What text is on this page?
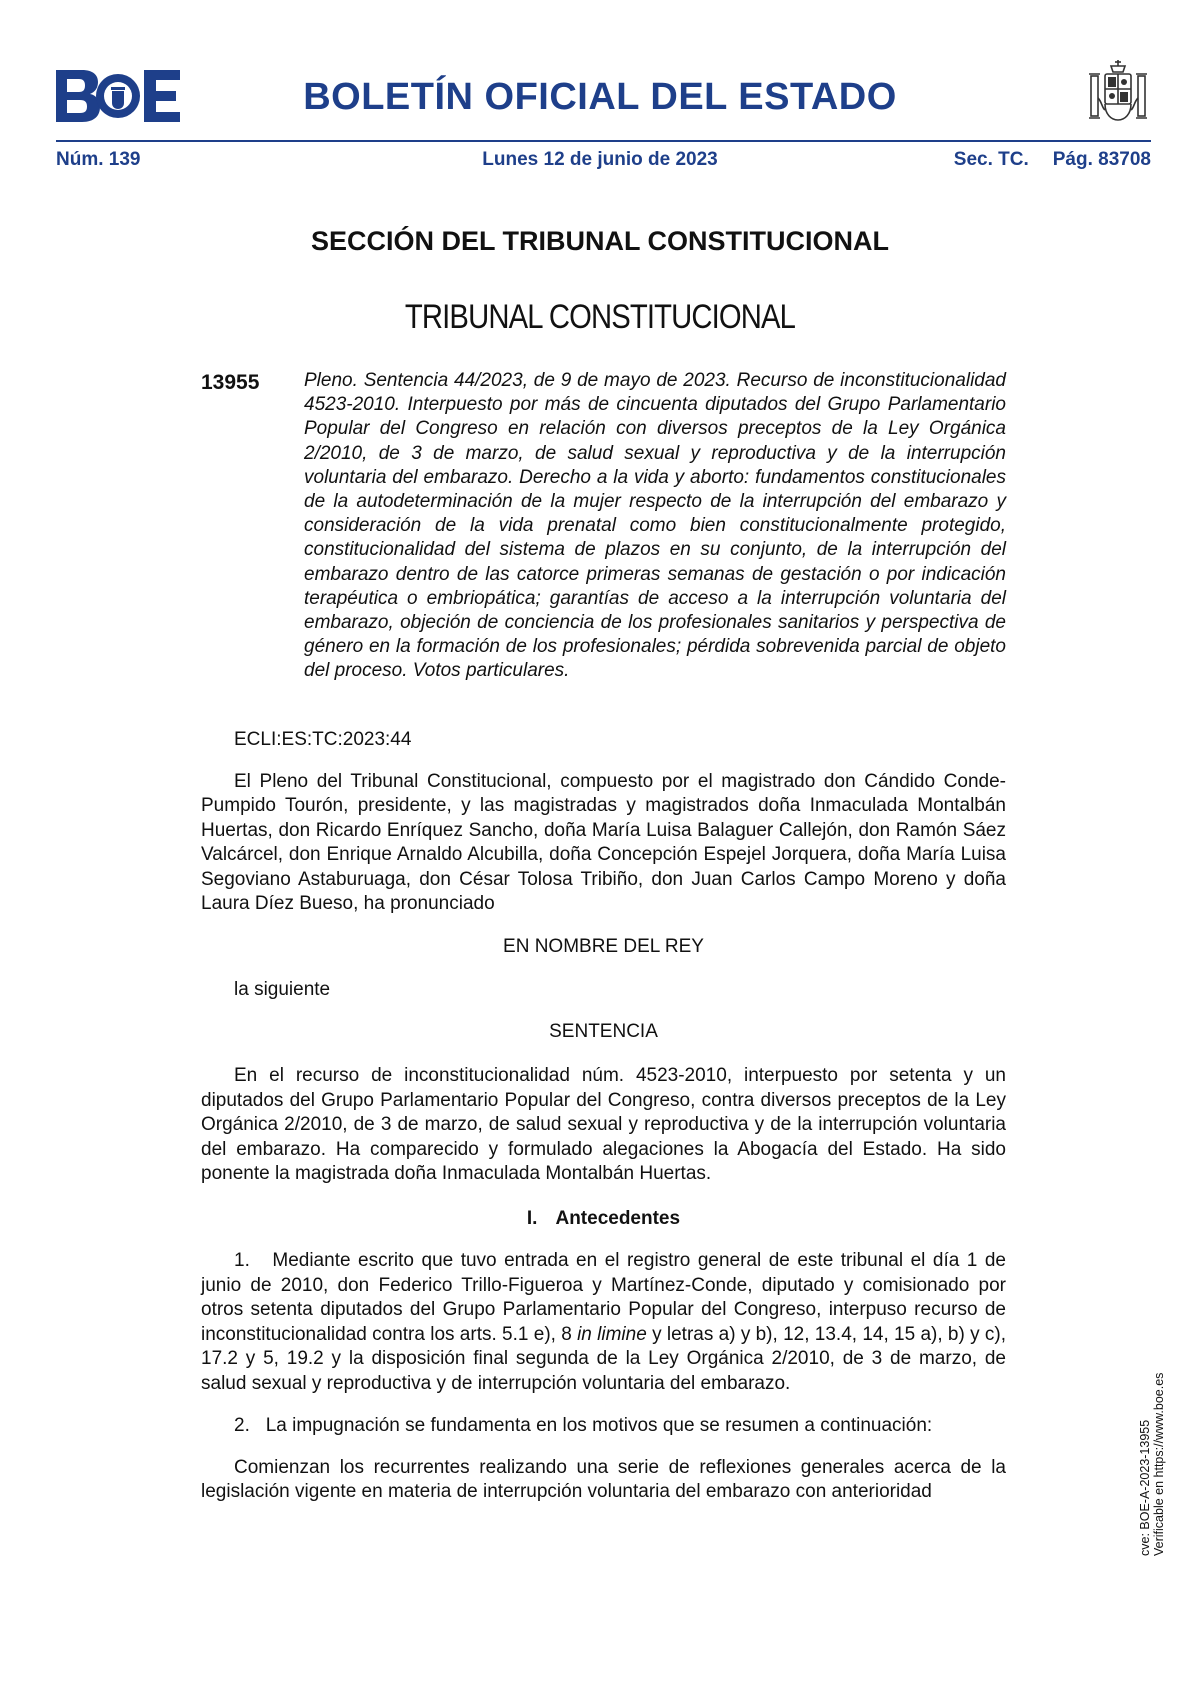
BOLETÍN OFICIAL DEL ESTADO
Núm. 139	Lunes 12 de junio de 2023	Sec. TC. Pág. 83708
SECCIÓN DEL TRIBUNAL CONSTITUCIONAL
TRIBUNAL CONSTITUCIONAL
13955 Pleno. Sentencia 44/2023, de 9 de mayo de 2023. Recurso de inconstitucionalidad 4523-2010. Interpuesto por más de cincuenta diputados del Grupo Parlamentario Popular del Congreso en relación con diversos preceptos de la Ley Orgánica 2/2010, de 3 de marzo, de salud sexual y reproductiva y de la interrupción voluntaria del embarazo. Derecho a la vida y aborto: fundamentos constitucionales de la autodeterminación de la mujer respecto de la interrupción del embarazo y consideración de la vida prenatal como bien constitucionalmente protegido, constitucionalidad del sistema de plazos en su conjunto, de la interrupción del embarazo dentro de las catorce primeras semanas de gestación o por indicación terapéutica o embriopática; garantías de acceso a la interrupción voluntaria del embarazo, objeción de conciencia de los profesionales sanitarios y perspectiva de género en la formación de los profesionales; pérdida sobrevenida parcial de objeto del proceso. Votos particulares.

ECLI:ES:TC:2023:44

El Pleno del Tribunal Constitucional, compuesto por el magistrado don Cándido Conde-Pumpido Tourón, presidente, y las magistradas y magistrados doña Inmaculada Montalbán Huertas, don Ricardo Enríquez Sancho, doña María Luisa Balaguer Callejón, don Ramón Sáez Valcárcel, don Enrique Arnaldo Alcubilla, doña Concepción Espejel Jorquera, doña María Luisa Segoviano Astaburuaga, don César Tolosa Tribiño, don Juan Carlos Campo Moreno y doña Laura Díez Bueso, ha pronunciado

EN NOMBRE DEL REY

la siguiente

SENTENCIA

En el recurso de inconstitucionalidad núm. 4523-2010, interpuesto por setenta y un diputados del Grupo Parlamentario Popular del Congreso, contra diversos preceptos de la Ley Orgánica 2/2010, de 3 de marzo, de salud sexual y reproductiva y de la interrupción voluntaria del embarazo. Ha comparecido y formulado alegaciones la Abogacía del Estado. Ha sido ponente la magistrada doña Inmaculada Montalbán Huertas.

I. Antecedentes

1. Mediante escrito que tuvo entrada en el registro general de este tribunal el día 1 de junio de 2010, don Federico Trillo-Figueroa y Martínez-Conde, diputado y comisionado por otros setenta diputados del Grupo Parlamentario Popular del Congreso, interpuso recurso de inconstitucionalidad contra los arts. 5.1 e), 8 in limine y letras a) y b), 12, 13.4, 14, 15 a), b) y c), 17.2 y 5, 19.2 y la disposición final segunda de la Ley Orgánica 2/2010, de 3 de marzo, de salud sexual y reproductiva y de interrupción voluntaria del embarazo.

2. La impugnación se fundamenta en los motivos que se resumen a continuación:

Comienzan los recurrentes realizando una serie de reflexiones generales acerca de la legislación vigente en materia de interrupción voluntaria del embarazo con anterioridad	cve: BOE-A-2023-13955 Verificable en https://www.boe.es
